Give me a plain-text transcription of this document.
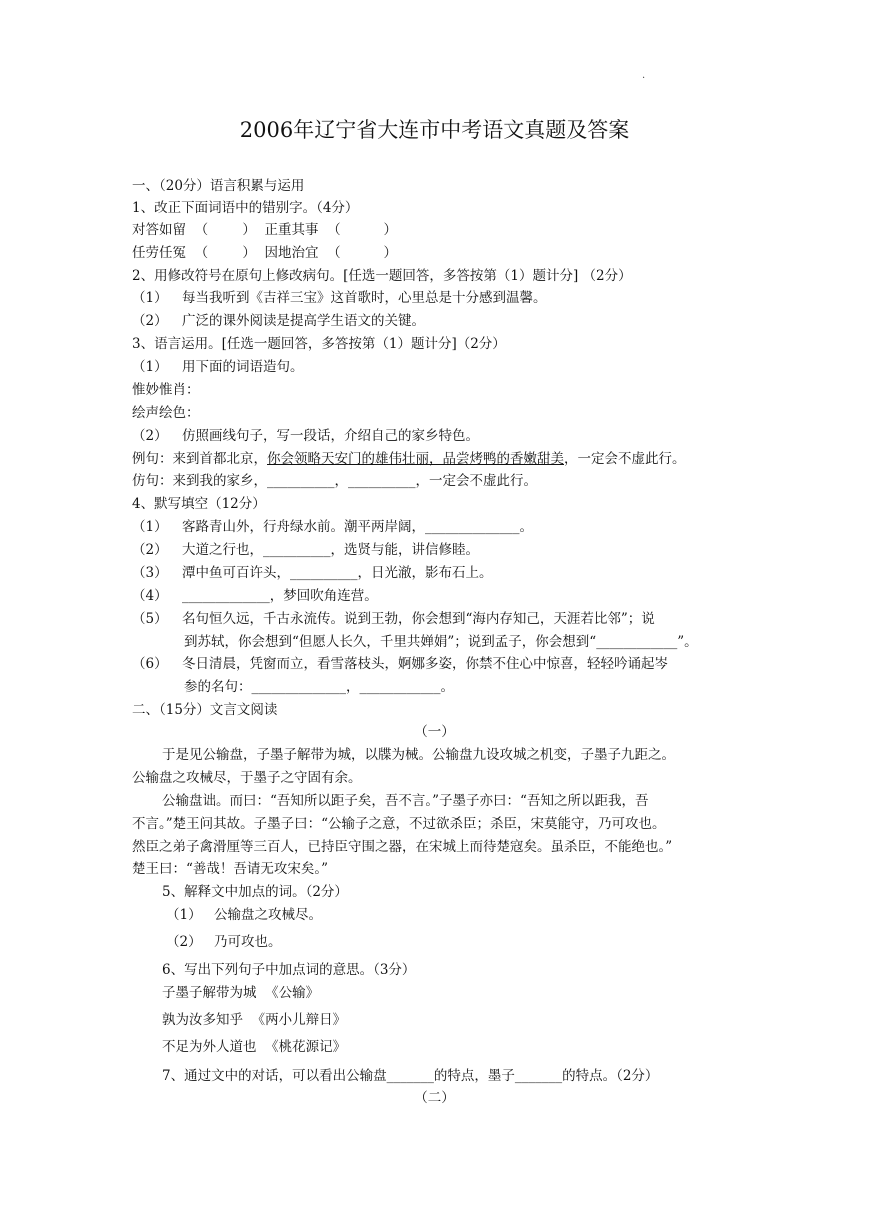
.
2006年辽宁省大连市中考语文真题及答案
一、（20分）语言积累与运用
1、改正下面词语中的错别字。（4分）
对答如留  （        ）  正重其事  （          ）
任劳任冤  （        ）  因地治宜  （          ）
2、用修改符号在原句上修改病句。[任选一题回答，多答按第（1）题计分] （2分）
（1） 每当我听到《吉祥三宝》这首歌时，心里总是十分感到温馨。
（2） 广泛的课外阅读是提高学生语文的关键。
3、语言运用。[任选一题回答，多答按第（1）题计分]（2分）
（1） 用下面的词语造句。
惟妙惟肖：
绘声绘色：
（2） 仿照画线句子，写一段话，介绍自己的家乡特色。
例句：来到首都北京，你会领略天安门的雄伟壮丽，品尝烤鸭的香嫩甜美，一定会不虚此行。
仿句：来到我的家乡，__________，__________，一定会不虚此行。
4、默写填空（12分）
（1） 客路青山外，行舟绿水前。潮平两岸阔，______________。
（2） 大道之行也，__________，选贤与能，讲信修睦。
（3） 潭中鱼可百许头，__________，日光澈，影布石上。
（4） _____________，梦回吹角连营。
（5） 名句恒久远，千古永流传。说到王勃，你会想到“海内存知己，天涯若比邻”；说
到苏轼，你会想到“但愿人长久，千里共婵娟”；说到孟子，你会想到“____________”。
（6） 冬日清晨，凭窗而立，看雪落枝头，婀娜多姿，你禁不住心中惊喜，轻轻吟诵起岑
参的名句：______________，____________。
二、（15分）文言文阅读
（一）
于是见公输盘，子墨子解带为城，以牒为械。公输盘九设攻城之机变，子墨子九距之。
公输盘之攻械尽，于墨子之守固有余。
公输盘诎。而曰：“吾知所以距子矣，吾不言。”子墨子亦曰：“吾知之所以距我，吾
不言。”楚王问其故。子墨子曰：“公输子之意，不过欲杀臣；杀臣，宋莫能守，乃可攻也。
然臣之弟子禽滑厘等三百人，已持臣守围之器，在宋城上而待楚寇矣。虽杀臣，不能绝也。”
楚王曰：“善哉！吾请无攻宋矣。”
5、解释文中加点的词。（2分）
（1） 公输盘之攻械尽。
（2） 乃可攻也。
6、写出下列句子中加点词的意思。（3分）
子墨子解带为城  《公输》
孰为汝多知乎  《两小儿辩日》
不足为外人道也  《桃花源记》
7、通过文中的对话，可以看出公输盘_______的特点，墨子_______的特点。（2分）
（二）
